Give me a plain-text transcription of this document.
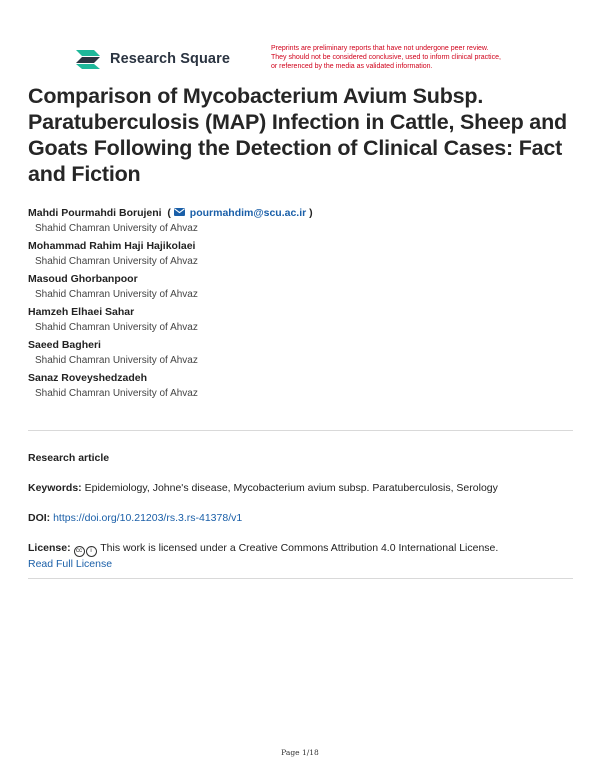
Research Square
Preprints are preliminary reports that have not undergone peer review.
They should not be considered conclusive, used to inform clinical practice,
or referenced by the media as validated information.
Comparison of Mycobacterium Avium Subsp. Paratuberculosis (MAP) Infection in Cattle, Sheep and Goats Following the Detection of Clinical Cases: Fact and Fiction
Mahdi Pourmahdi Borujeni  ( pourmahdim@scu.ac.ir )
Shahid Chamran University of Ahvaz
Mohammad Rahim Haji Hajikolaei
Shahid Chamran University of Ahvaz
Masoud Ghorbanpoor
Shahid Chamran University of Ahvaz
Hamzeh Elhaei Sahar
Shahid Chamran University of Ahvaz
Saeed Bagheri
Shahid Chamran University of Ahvaz
Sanaz Roveyshedzadeh
Shahid Chamran University of Ahvaz
Research article
Keywords: Epidemiology, Johne's disease, Mycobacterium avium subsp. Paratuberculosis, Serology
DOI: https://doi.org/10.21203/rs.3.rs-41378/v1
License: cc i This work is licensed under a Creative Commons Attribution 4.0 International License.
Read Full License
Page 1/18
